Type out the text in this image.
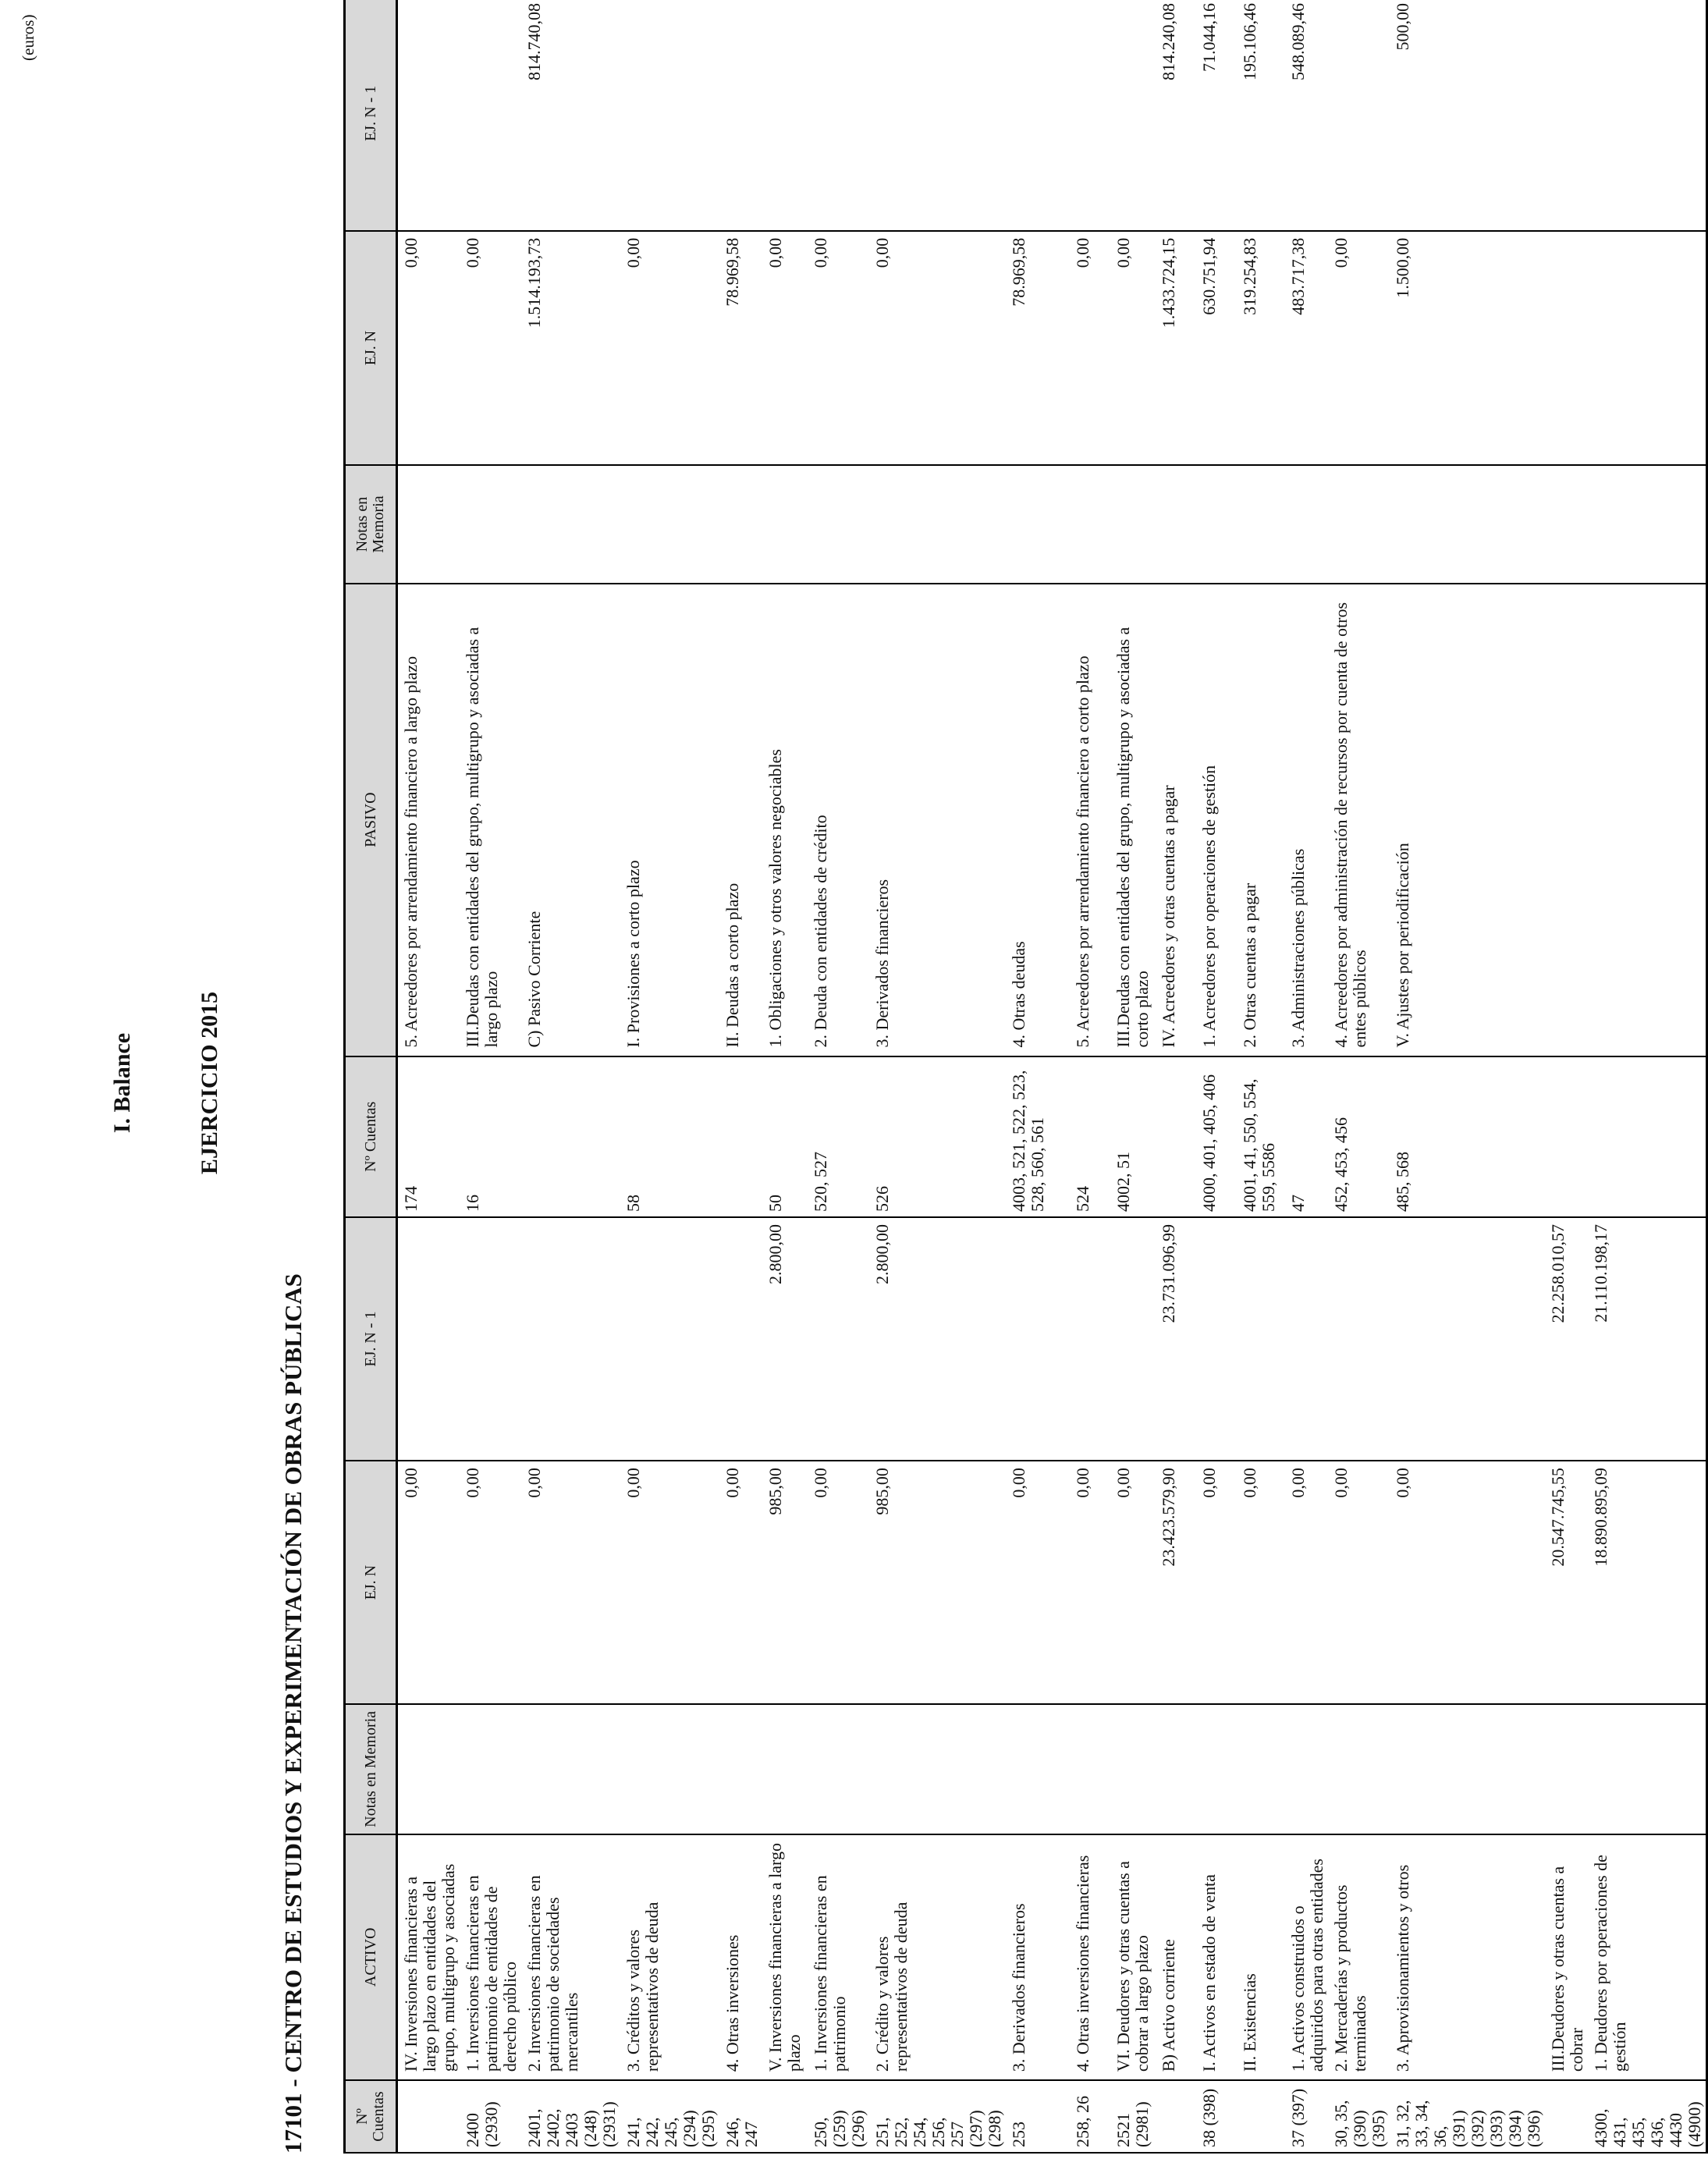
I. Balance	EJERCICIO 2015
17101 - CENTRO DE ESTUDIOS Y EXPERIMENTACIÓN DE OBRAS PÚBLICAS
(euros)
Nº Cuentas	ACTIVO	Notas en Memoria	EJ. N	EJ. N - 1	Nº Cuentas	PASIVO	Notas en Memoria	EJ. N	EJ. N - 1
	IV. Inversiones financieras a largo plazo en entidades del grupo, multigrupo y asociadas		0,00		174	5. Acreedores por arrendamiento financiero a largo plazo		0,00	
2400 (2930)	1. Inversiones financieras en patrimonio de entidades de derecho público		0,00		16	III.Deudas con entidades del grupo, multigrupo y asociadas a largo plazo		0,00	
2401, 2402, 2403 (248) (2931)	2. Inversiones financieras en patrimonio de sociedades mercantiles		0,00			C) Pasivo Corriente		1.514.193,73	814.740,08
241, 242, 245, (294) (295)	3. Créditos y valores representativos de deuda		0,00		58	I. Provisiones a corto plazo		0,00	
246, 247	4. Otras inversiones		0,00			II. Deudas a corto plazo		78.969,58	
	V. Inversiones financieras a largo plazo		985,00	2.800,00	50	1. Obligaciones y otros valores negociables		0,00	
250, (259) (296)	1. Inversiones financieras en patrimonio		0,00		520, 527	2. Deuda con entidades de crédito		0,00	
251, 252, 254, 256, 257 (297) (298)	2. Crédito y valores representativos de deuda		985,00	2.800,00	526	3. Derivados financieros		0,00	
253	3. Derivados financieros		0,00		4003, 521, 522, 523, 528, 560, 561	4. Otras deudas		78.969,58	
258, 26	4. Otras inversiones financieras		0,00		524	5. Acreedores por arrendamiento financiero a corto plazo		0,00	
2521 (2981)	VI. Deudores y otras cuentas a cobrar a largo plazo		0,00		4002, 51	III.Deudas con entidades del grupo, multigrupo y asociadas a corto plazo		0,00	
	B) Activo corriente		23.423.579,90	23.731.096,99		IV. Acreedores y otras cuentas a pagar		1.433.724,15	814.240,08
38 (398)	I. Activos en estado de venta		0,00		4000, 401, 405, 406	1. Acreedores por operaciones de gestión		630.751,94	71.044,16
	II. Existencias		0,00		4001, 41, 550, 554, 559, 5586	2. Otras cuentas a pagar		319.254,83	195.106,46
37 (397)	1. Activos construidos o adquiridos para otras entidades		0,00		47	3. Administraciones públicas		483.717,38	548.089,46
30, 35, (390) (395)	2. Mercaderías y productos terminados		0,00		452, 453, 456	4. Acreedores por administración de recursos por cuenta de otros entes públicos		0,00	
31, 32, 33, 34, 36, (391) (392) (393) (394) (396)	3. Aprovisionamientos y otros		0,00		485, 568	V. Ajustes por periodificación		1.500,00	500,00
	III.Deudores y otras cuentas a cobrar		20.547.745,55	22.258.010,57					
4300, 431, 435, 436, 4430 (4900)	1. Deudores por operaciones de gestión		18.890.895,09	21.110.198,17					
